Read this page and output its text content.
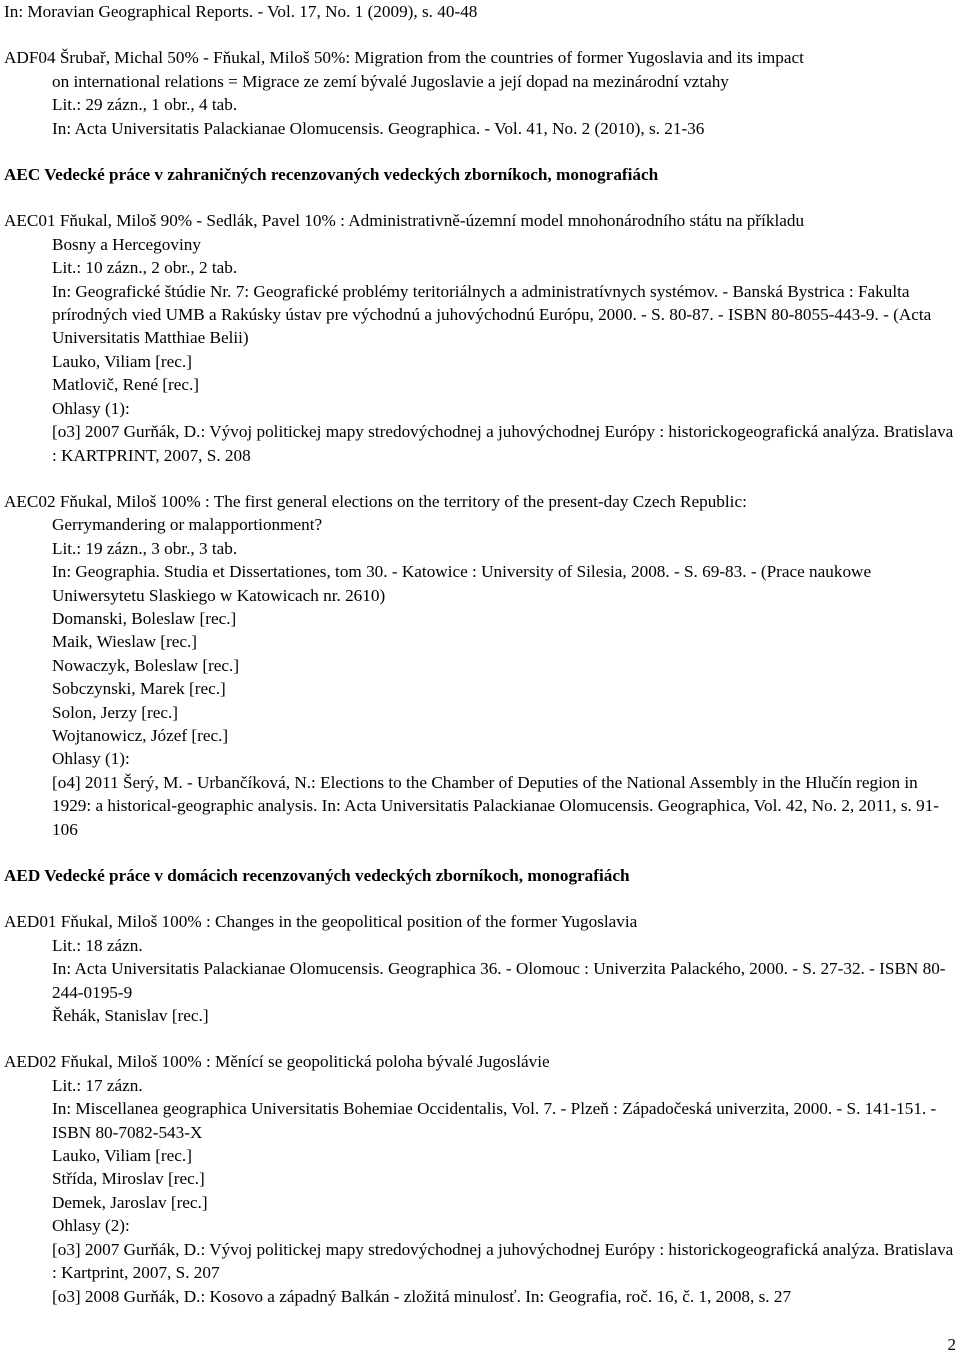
In: Moravian Geographical Reports. - Vol. 17, No. 1 (2009), s. 40-48
ADF04 Šrubař, Michal 50% - Fňukal, Miloš 50%: Migration from the countries of former Yugoslavia and its impact
on international relations = Migrace ze zemí bývalé Jugoslavie a její dopad na mezinárodní vztahy
Lit.: 29 zázn., 1 obr., 4 tab.
In: Acta Universitatis Palackianae Olomucensis. Geographica. - Vol. 41, No. 2 (2010), s. 21-36
AEC Vedecké práce v zahraničných recenzovaných vedeckých zborníkoch, monografiách
AEC01 Fňukal, Miloš 90% - Sedlák, Pavel 10% : Administrativně-územní model mnohonárodního státu na příkladu
Bosny a Hercegoviny
Lit.: 10 zázn., 2 obr., 2 tab.
In: Geografické štúdie Nr. 7: Geografické problémy teritoriálnych a administratívnych systémov. - Banská Bystrica : Fakulta prírodných vied UMB a Rakúsky ústav pre východnú a juhovýchodnú Európu, 2000. - S. 80-87. - ISBN 80-8055-443-9. - (Acta Universitatis Matthiae Belii)
Lauko, Viliam [rec.]
Matlovič, René [rec.]
Ohlasy (1):
[o3] 2007 Gurňák, D.: Vývoj politickej mapy stredovýchodnej a juhovýchodnej Európy : historickogeografická analýza. Bratislava : KARTPRINT, 2007, S. 208
AEC02 Fňukal, Miloš 100% : The first general elections on the territory of the present-day Czech Republic:
Gerrymandering or malapportionment?
Lit.: 19 zázn., 3 obr., 3 tab.
In: Geographia. Studia et Dissertationes, tom 30. - Katowice : University of Silesia, 2008. - S. 69-83. - (Prace naukowe Uniwersytetu Slaskiego w Katowicach nr. 2610)
Domanski, Boleslaw [rec.]
Maik, Wieslaw [rec.]
Nowaczyk, Boleslaw [rec.]
Sobczynski, Marek [rec.]
Solon, Jerzy [rec.]
Wojtanowicz, Józef [rec.]
Ohlasy (1):
[o4] 2011 Šerý, M. - Urbančíková, N.: Elections to the Chamber of Deputies of the National Assembly in the Hlučín region in 1929: a historical-geographic analysis. In: Acta Universitatis Palackianae Olomucensis. Geographica, Vol. 42, No. 2, 2011, s. 91-106
AED Vedecké práce v domácich recenzovaných vedeckých zborníkoch, monografiách
AED01 Fňukal, Miloš 100% : Changes in the geopolitical position of the former Yugoslavia
Lit.: 18 zázn.
In: Acta Universitatis Palackianae Olomucensis. Geographica 36. - Olomouc : Univerzita Palackého, 2000. - S. 27-32. - ISBN 80-244-0195-9
Řehák, Stanislav [rec.]
AED02 Fňukal, Miloš 100% : Měnící se geopolitická poloha bývalé Jugoslávie
Lit.: 17 zázn.
In: Miscellanea geographica Universitatis Bohemiae Occidentalis, Vol. 7. - Plzeň : Západočeská univerzita, 2000. - S. 141-151. - ISBN 80-7082-543-X
Lauko, Viliam [rec.]
Střída, Miroslav [rec.]
Demek, Jaroslav [rec.]
Ohlasy (2):
[o3] 2007 Gurňák, D.: Vývoj politickej mapy stredovýchodnej a juhovýchodnej Európy : historickogeografická analýza. Bratislava : Kartprint, 2007, S. 207
[o3] 2008 Gurňák, D.: Kosovo a západný Balkán - zložitá minulosť. In: Geografia, roč. 16, č. 1, 2008, s. 27
2
